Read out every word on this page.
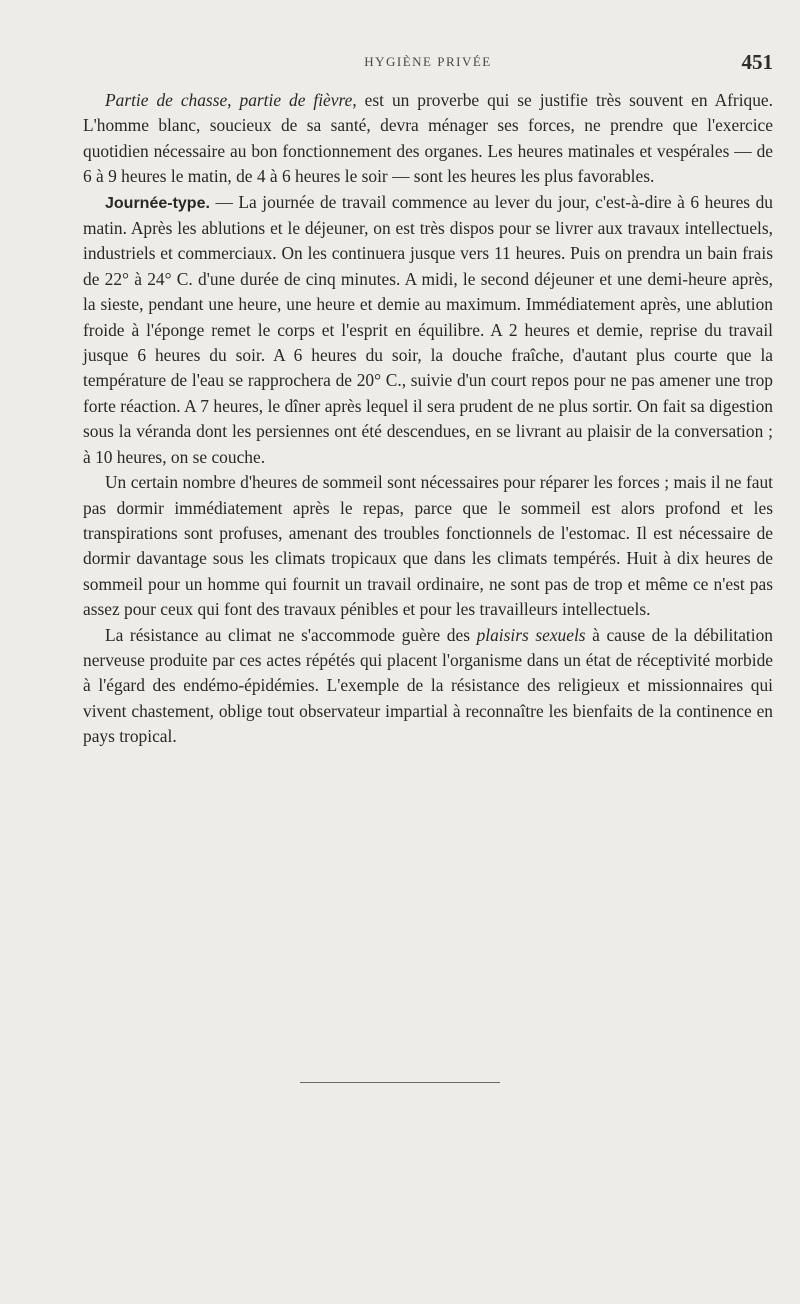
HYGIÈNE PRIVÉE	451

Partie de chasse, partie de fièvre, est un proverbe qui se justifie très souvent en Afrique. L'homme blanc, soucieux de sa santé, devra ménager ses forces, ne prendre que l'exercice quotidien nécessaire au bon fonctionnement des organes. Les heures matinales et vespérales — de 6 à 9 heures le matin, de 4 à 6 heures le soir — sont les heures les plus favorables.

Journée-type. — La journée de travail commence au lever du jour, c'est-à-dire à 6 heures du matin. Après les ablutions et le déjeuner, on est très dispos pour se livrer aux travaux intellectuels, industriels et commerciaux. On les continuera jusque vers 11 heures. Puis on prendra un bain frais de 22° à 24° C. d'une durée de cinq minutes. A midi, le second déjeuner et une demi-heure après, la sieste, pendant une heure, une heure et demie au maximum. Immédiatement après, une ablution froide à l'éponge remet le corps et l'esprit en équilibre. A 2 heures et demie, reprise du travail jusque 6 heures du soir. A 6 heures du soir, la douche fraîche, d'autant plus courte que la température de l'eau se rapprochera de 20° C., suivie d'un court repos pour ne pas amener une trop forte réaction. A 7 heures, le dîner après lequel il sera prudent de ne plus sortir. On fait sa digestion sous la véranda dont les persiennes ont été descendues, en se livrant au plaisir de la conversation ; à 10 heures, on se couche.

Un certain nombre d'heures de sommeil sont nécessaires pour réparer les forces ; mais il ne faut pas dormir immédiatement après le repas, parce que le sommeil est alors profond et les transpirations sont profuses, amenant des troubles fonctionnels de l'estomac. Il est nécessaire de dormir davantage sous les climats tropicaux que dans les climats tempérés. Huit à dix heures de sommeil pour un homme qui fournit un travail ordinaire, ne sont pas de trop et même ce n'est pas assez pour ceux qui font des travaux pénibles et pour les travailleurs intellectuels.

La résistance au climat ne s'accommode guère des plaisirs sexuels à cause de la débilitation nerveuse produite par ces actes répétés qui placent l'organisme dans un état de réceptivité morbide à l'égard des endémo-épidémies. L'exemple de la résistance des religieux et missionnaires qui vivent chastement, oblige tout observateur impartial à reconnaître les bienfaits de la continence en pays tropical.
